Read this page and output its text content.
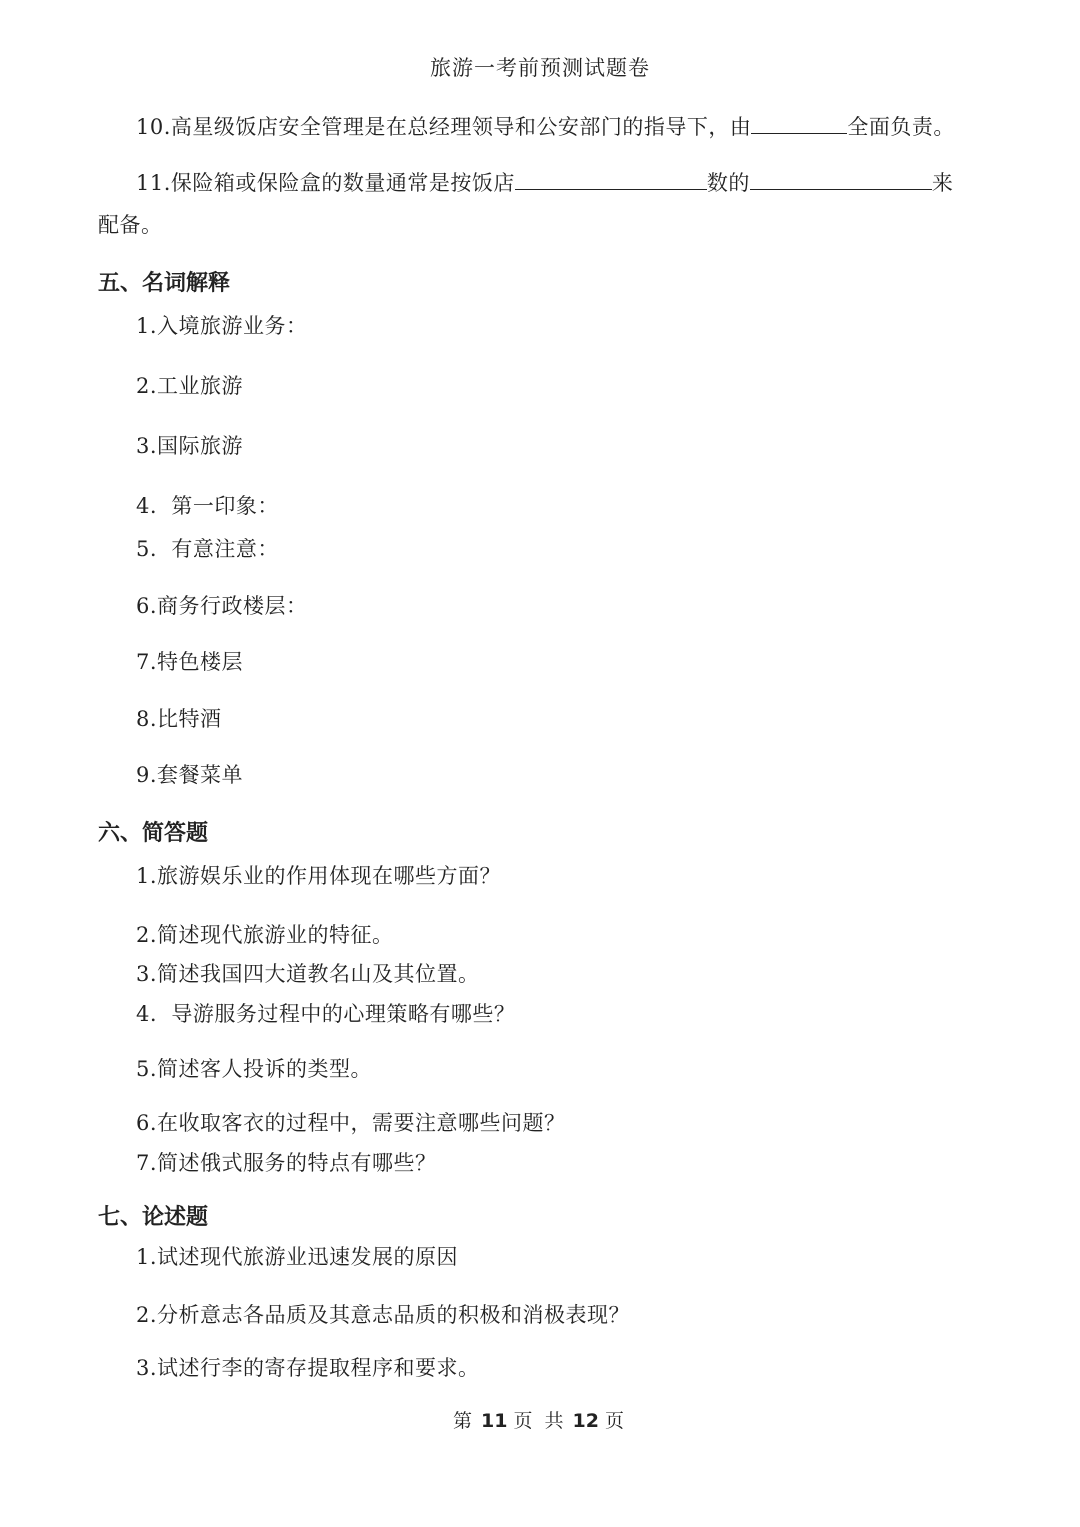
旅游一考前预测试题卷
10.高星级饭店安全管理是在总经理领导和公安部门的指导下，由	全面负责。
11.保险箱或保险盒的数量通常是按饭店	数的	来
配备。
五、名词解释
1.入境旅游业务：
2.工业旅游
3.国际旅游
4.  第一印象：
5.  有意注意：
6.商务行政楼层：
7.特色楼层
8.比特酒
9.套餐菜单
六、简答题
1.旅游娱乐业的作用体现在哪些方面？
2.简述现代旅游业的特征。
3.简述我国四大道教名山及其位置。
4.  导游服务过程中的心理策略有哪些？
5.简述客人投诉的类型。
6.在收取客衣的过程中，需要注意哪些问题？
7.简述俄式服务的特点有哪些？
七、论述题
1.试述现代旅游业迅速发展的原因
2.分析意志各品质及其意志品质的积极和消极表现？
3.试述行李的寄存提取程序和要求。
第 11 页 共 12 页
